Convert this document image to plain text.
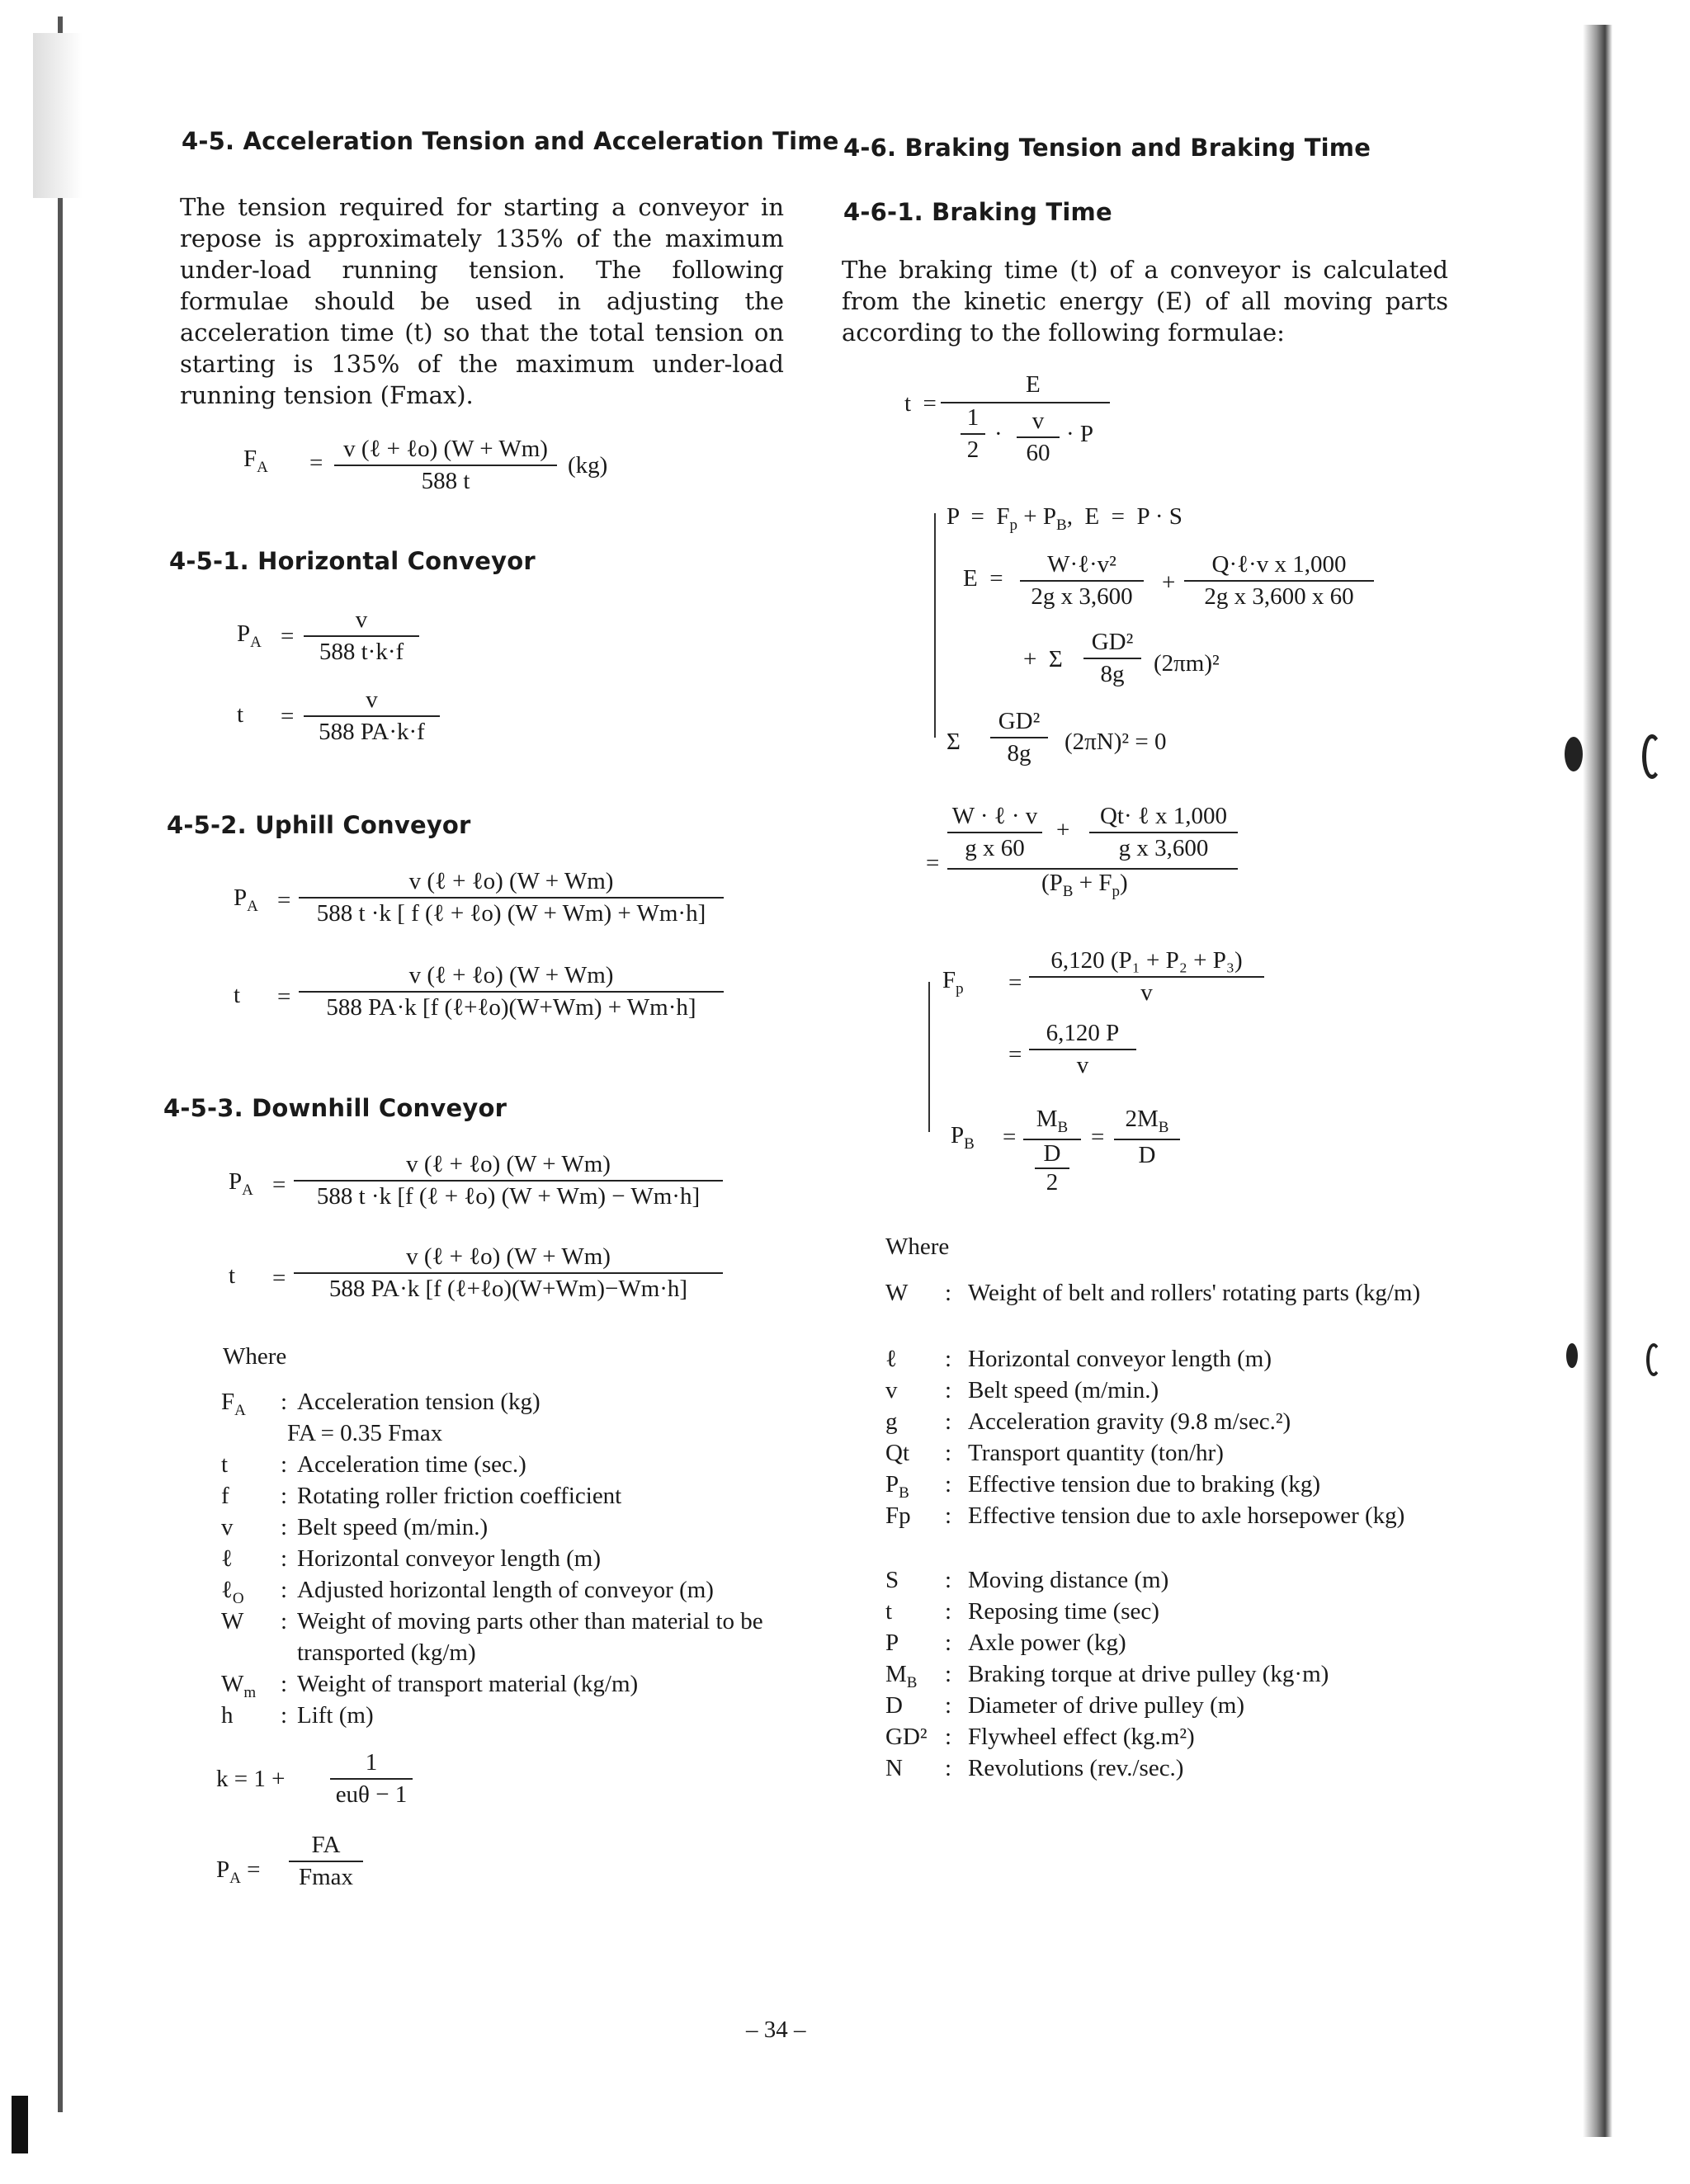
4-5. Acceleration Tension and Acceleration Time
The tension required for starting a conveyor in repose is approximately 135% of the maximum under-load running tension. The following formulae should be used in adjusting the acceleration time (t) so that the total tension on starting is 135% of the maximum under-load running tension (Fmax).
$F_A$ =
v (ℓ + ℓo) (W + Wm)
588 t
(kg)
4-5-1. Horizontal Conveyor
$P_A = \frac{v}{588 t\cdot k\cdot f}$
$t = \frac{v}{588 PA\cdot k\cdot f}$
4-5-2. Uphill Conveyor
$P_A$ =
v (ℓ + ℓo) (W + Wm)
588 t ·k [ f (ℓ + ℓo) (W + Wm) + Wm·h]
t =
v (ℓ + ℓo) (W + Wm)
588 PA·k [f (ℓ+ℓo)(W+Wm) + Wm·h]
4-5-3. Downhill Conveyor
$P_A$ =
v (ℓ + ℓo) (W + Wm)
588 t ·k [f (ℓ + ℓo) (W + Wm) − Wm·h]
t =
v (ℓ + ℓo) (W + Wm)
588 PA·k [f (ℓ+ℓo)(W+Wm)−Wm·h]
Where
$F_A$	: Acceleration tension (kg)
FA = 0.35 Fmax
t	: Acceleration time (sec.)
f	: Rotating roller friction coefficient
v	: Belt speed (m/min.)
ℓ	: Horizontal conveyor length (m)
ℓ$_O$	: Adjusted horizontal length of conveyor (m)
W	: Weight of moving parts other than material to be transported (kg/m)
$W_m$	: Weight of transport material (kg/m)
h	: Lift (m)
k = 1 +
1
euθ − 1
$P_A$ =
FA
Fmax
4-6. Braking Tension and Braking Time
4-6-1. Braking Time
The braking time (t) of a conveyor is calculated from the kinetic energy (E) of all moving parts according to the following formulae:
t  =
E
$\frac{1}{2} \cdot \frac{v}{60} \cdot P$
$P = F_p + P_B$,  E  =  P · S
E  =
W·ℓ·v²
2g x 3,600
+
Q·ℓ·v x 1,000
2g x 3,600 x 60
+  Σ $\frac{\text{GD²}}{8g} (2\pi m)^2$
Σ $\frac{\text{GD²}}{8g} (2\pi N)^2 = 0$
=
W · ℓ · v
g x 60
+
Qt· ℓ x 1,000
g x 3,600
$(P_B + F_p)$
$F_p = \frac{\text{6,120 (P₁ + P₂ + P₃)}}{v}$
= $\frac{6,120 P}{v}$
$P_B = M_B$
D
$2 = \frac{2M_B}{D}$
Where
W	: Weight of belt and rollers' rotating parts (kg/m)
ℓ	: Horizontal conveyor length (m)
v	: Belt speed (m/min.)
g	: Acceleration gravity (9.8 m/sec.²)
Qt	: Transport quantity (ton/hr)
$P_B$	: Effective tension due to braking (kg)
Fp	: Effective tension due to axle horsepower (kg)
S	: Moving distance (m)
t	: Reposing time (sec)
P	: Axle power (kg)
$M_B$	: Braking torque at drive pulley (kg·m)
D	: Diameter of drive pulley (m)
GD² : Flywheel effect (kg.m²)
N	: Revolutions (rev./sec.)
– 34 –
